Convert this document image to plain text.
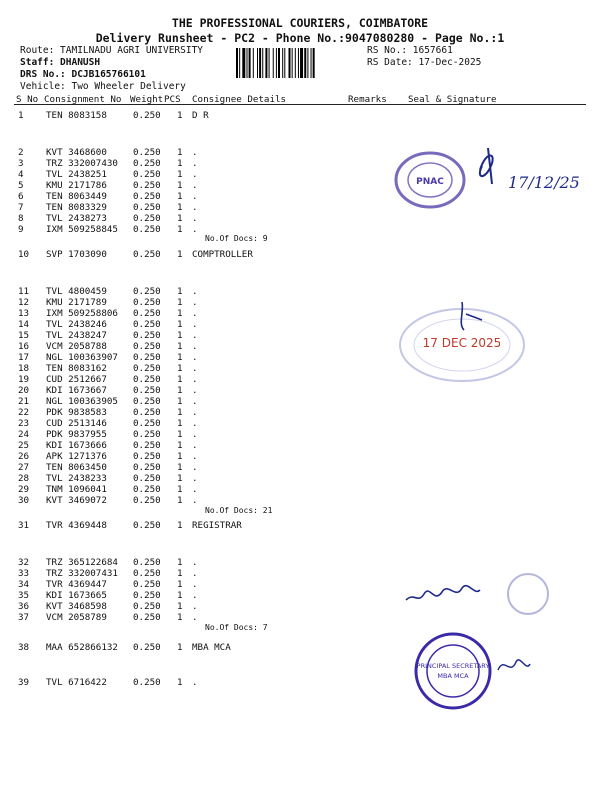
THE PROFESSIONAL COURIERS, COIMBATORE
Delivery Runsheet - PC2 - Phone No.:9047080280 - Page No.:1
Route: TAMILNADU AGRI UNIVERSITY
Staff: DHANUSH
DRS No.: DCJB165766101
Vehicle: Two Wheeler Delivery
RS No.: 1657661
RS Date: 17-Dec-2025
S No Consignment No Weight PCS Consignee Details	Remarks Seal & Signature
1 TEN 8083158	0.250 1 D R
2 KVT 3468600	0.250 1 .
3 TRZ 332007430 0.250 1 .
4 TVL 2438251	0.250 1 .
5 KMU 2171786	0.250 1 .
6 TEN 8063449	0.250 1 .
7 TEN 8083329	0.250 1 .
8 TVL 2438273	0.250 1 .
9 IXM 509258845 0.250 1 .
10 SVP 1703090	0.250 1 COMPTROLLER
11 TVL 4800459	0.250 1 .
12 KMU 2171789	0.250 1 .
13 IXM 509258806 0.250 1 .
14 TVL 2438246	0.250 1 .
15 TVL 2438247	0.250 1 .
16 VCM 2058788	0.250 1 .
17 NGL 100363907 0.250 1 .
18 TEN 8083162	0.250 1 .
19 CUD 2512667	0.250 1 .
20 KDI 1673667	0.250 1 .
21 NGL 100363905 0.250 1 .
22 PDK 9838583	0.250 1 .
23 CUD 2513146	0.250 1 .
24 PDK 9837955	0.250 1 .
25 KDI 1673666	0.250 1 .
26 APK 1271376	0.250 1 .
27 TEN 8063450	0.250 1 .
28 TVL 2438233	0.250 1 .
29 TNM 1096041	0.250 1 .
30 KVT 3469072	0.250 1 .
31 TVR 4369448	0.250 1 REGISTRAR
32 TRZ 365122684 0.250 1 .
33 TRZ 332007431 0.250 1 .
34 TVR 4369447	0.250 1 .
35 KDI 1673665	0.250 1 .
36 KVT 3468598	0.250 1 .
37 VCM 2058789	0.250 1 .
38 MAA 652866132 0.250 1 MBA MCA
39 TVL 6716422	0.250 1 .
No.Of Docs: 9
No.Of Docs: 21
No.Of Docs: 7
PNAC	17/12/25
17 DEC 2025
PRINCIPAL SECRETARY
MBA MCA
